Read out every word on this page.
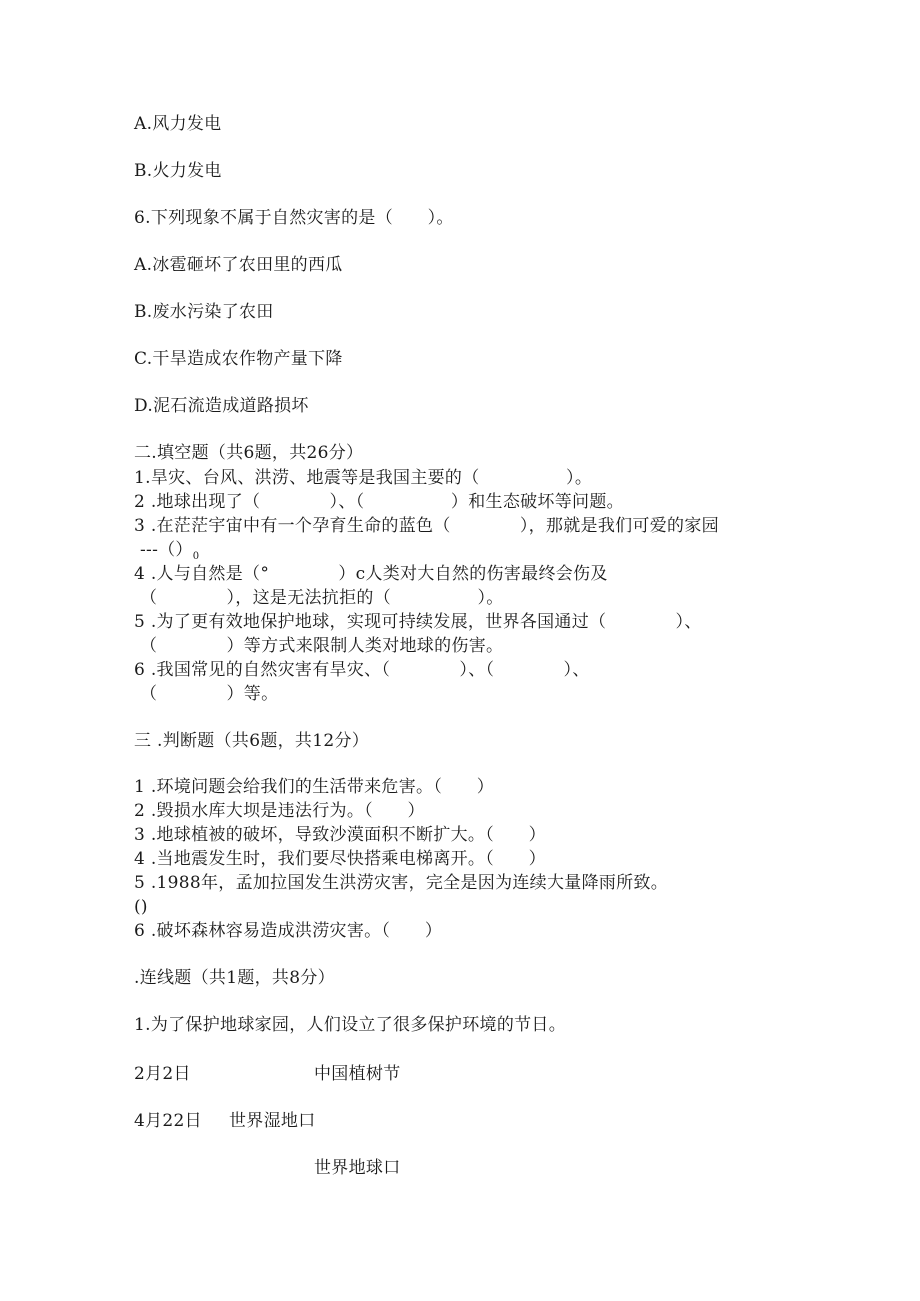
A.风力发电
B.火力发电
6.下列现象不属于自然灾害的是（　　）。
A.冰雹砸坏了农田里的西瓜
B.废水污染了农田
C.干旱造成农作物产量下降
D.泥石流造成道路损坏
二.填空题（共6题，共26分）
1.旱灾、台风、洪涝、地震等是我国主要的（　　　　　）。
2 .地球出现了（　　　　）、（　　　　　）和生态破坏等问题。
3 .在茫茫宇宙中有一个孕育生命的蓝色（　　　　），那就是我们可爱的家园
$---()_0$
4 .人与自然是（°　　　　）c人类对大自然的伤害最终会伤及
（　　　　），这是无法抗拒的（　　　　　）。
5 .为了更有效地保护地球，实现可持续发展，世界各国通过（　　　　）、
（　　　　）等方式来限制人类对地球的伤害。
6 .我国常见的自然灾害有旱灾、（　　　　）、（　　　　）、
（　　　　）等。
三 .判断题（共6题，共12分）
1 .环境问题会给我们的生活带来危害。（　　）
2 .毁损水库大坝是违法行为。（　　）
3 .地球植被的破坏，导致沙漠面积不断扩大。（　　）
4 .当地震发生时，我们要尽快搭乘电梯离开。（　　）
5 .1988年，孟加拉国发生洪涝灾害，完全是因为连续大量降雨所致。
()
6 .破坏森林容易造成洪涝灾害。（　　）
.连线题（共1题，共8分）
1.为了保护地球家园，人们设立了很多保护环境的节日。
2月2日	中国植树节
4月22日 世界湿地口
世界地球口
